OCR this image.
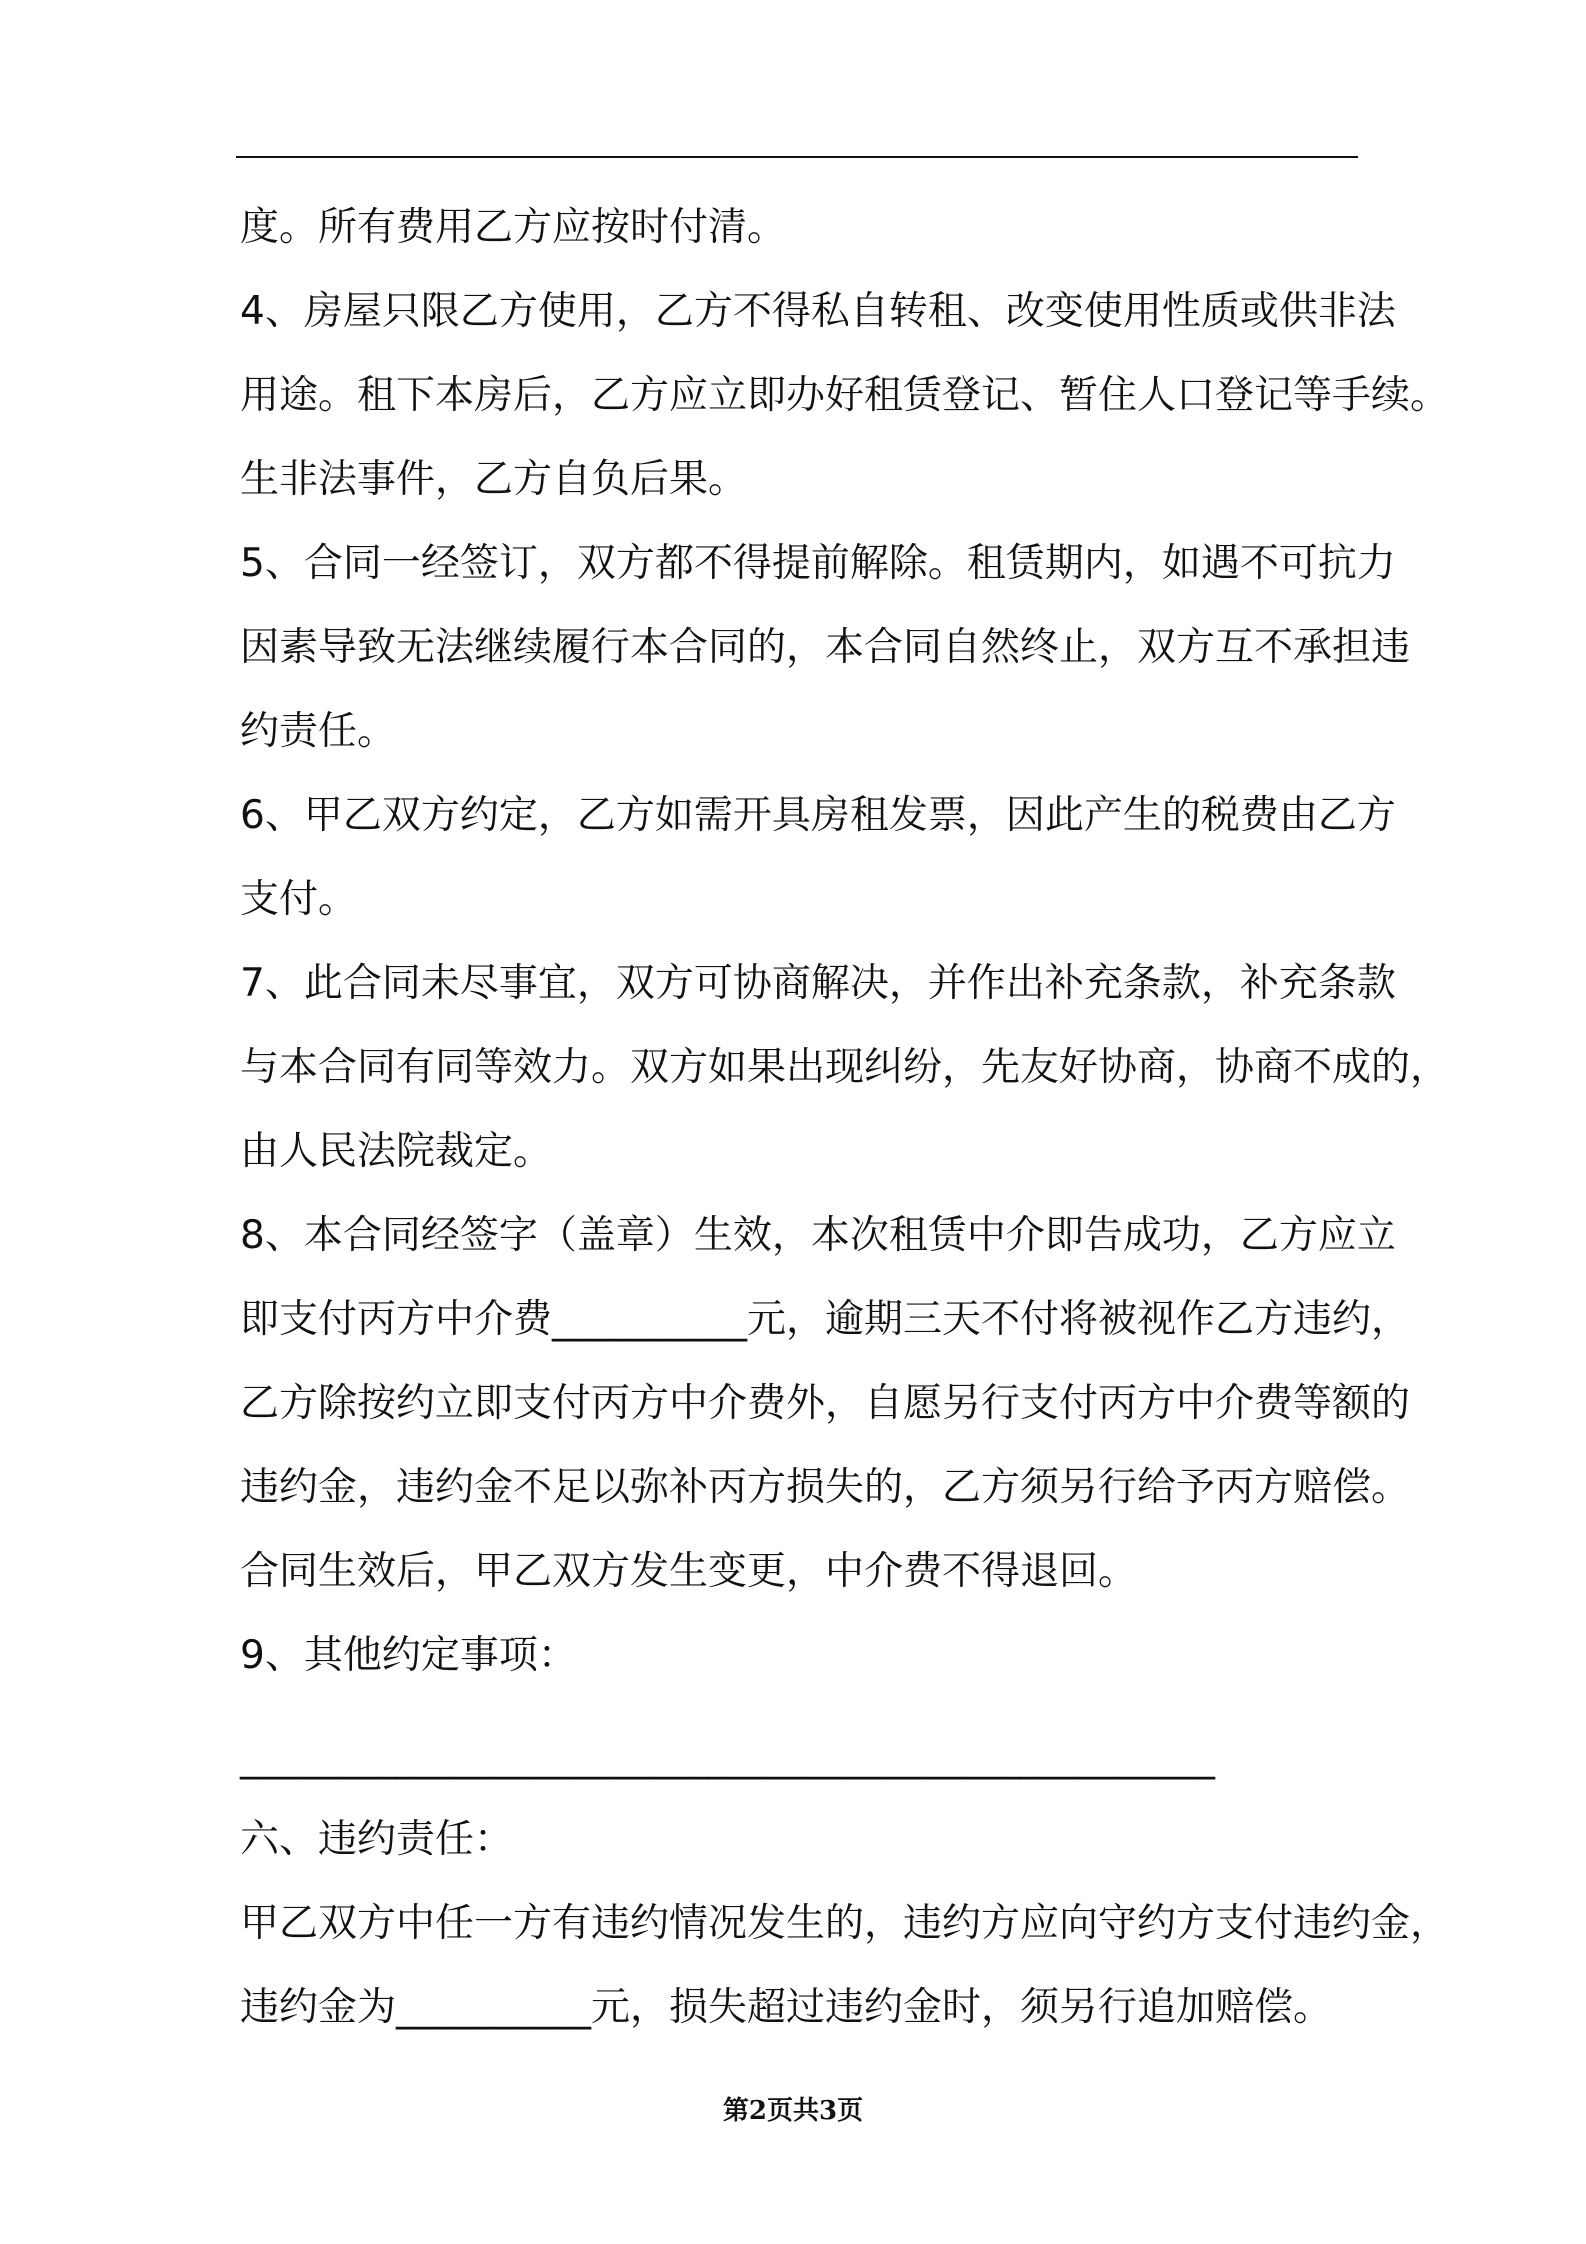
度。所有费用乙方应按时付清。
4、房屋只限乙方使用，乙方不得私自转租、改变使用性质或供非法
用途。租下本房后，乙方应立即办好租赁登记、暂住人口登记等手续。
生非法事件，乙方自负后果。
5、合同一经签订，双方都不得提前解除。租赁期内，如遇不可抗力
因素导致无法继续履行本合同的，本合同自然终止，双方互不承担违
约责任。
6、甲乙双方约定，乙方如需开具房租发票，因此产生的税费由乙方
支付。
7、此合同未尽事宜，双方可协商解决，并作出补充条款，补充条款
与本合同有同等效力。双方如果出现纠纷，先友好协商，协商不成的，
由人民法院裁定。
8、本合同经签字（盖章）生效，本次租赁中介即告成功，乙方应立
即支付丙方中介费__________元，逾期三天不付将被视作乙方违约，
乙方除按约立即支付丙方中介费外，自愿另行支付丙方中介费等额的
违约金，违约金不足以弥补丙方损失的，乙方须另行给予丙方赔偿。
合同生效后，甲乙双方发生变更，中介费不得退回。
9、其他约定事项：
__________________________________________________
六、违约责任：
甲乙双方中任一方有违约情况发生的，违约方应向守约方支付违约金，
违约金为__________元，损失超过违约金时，须另行追加赔偿。
第2页共3页
